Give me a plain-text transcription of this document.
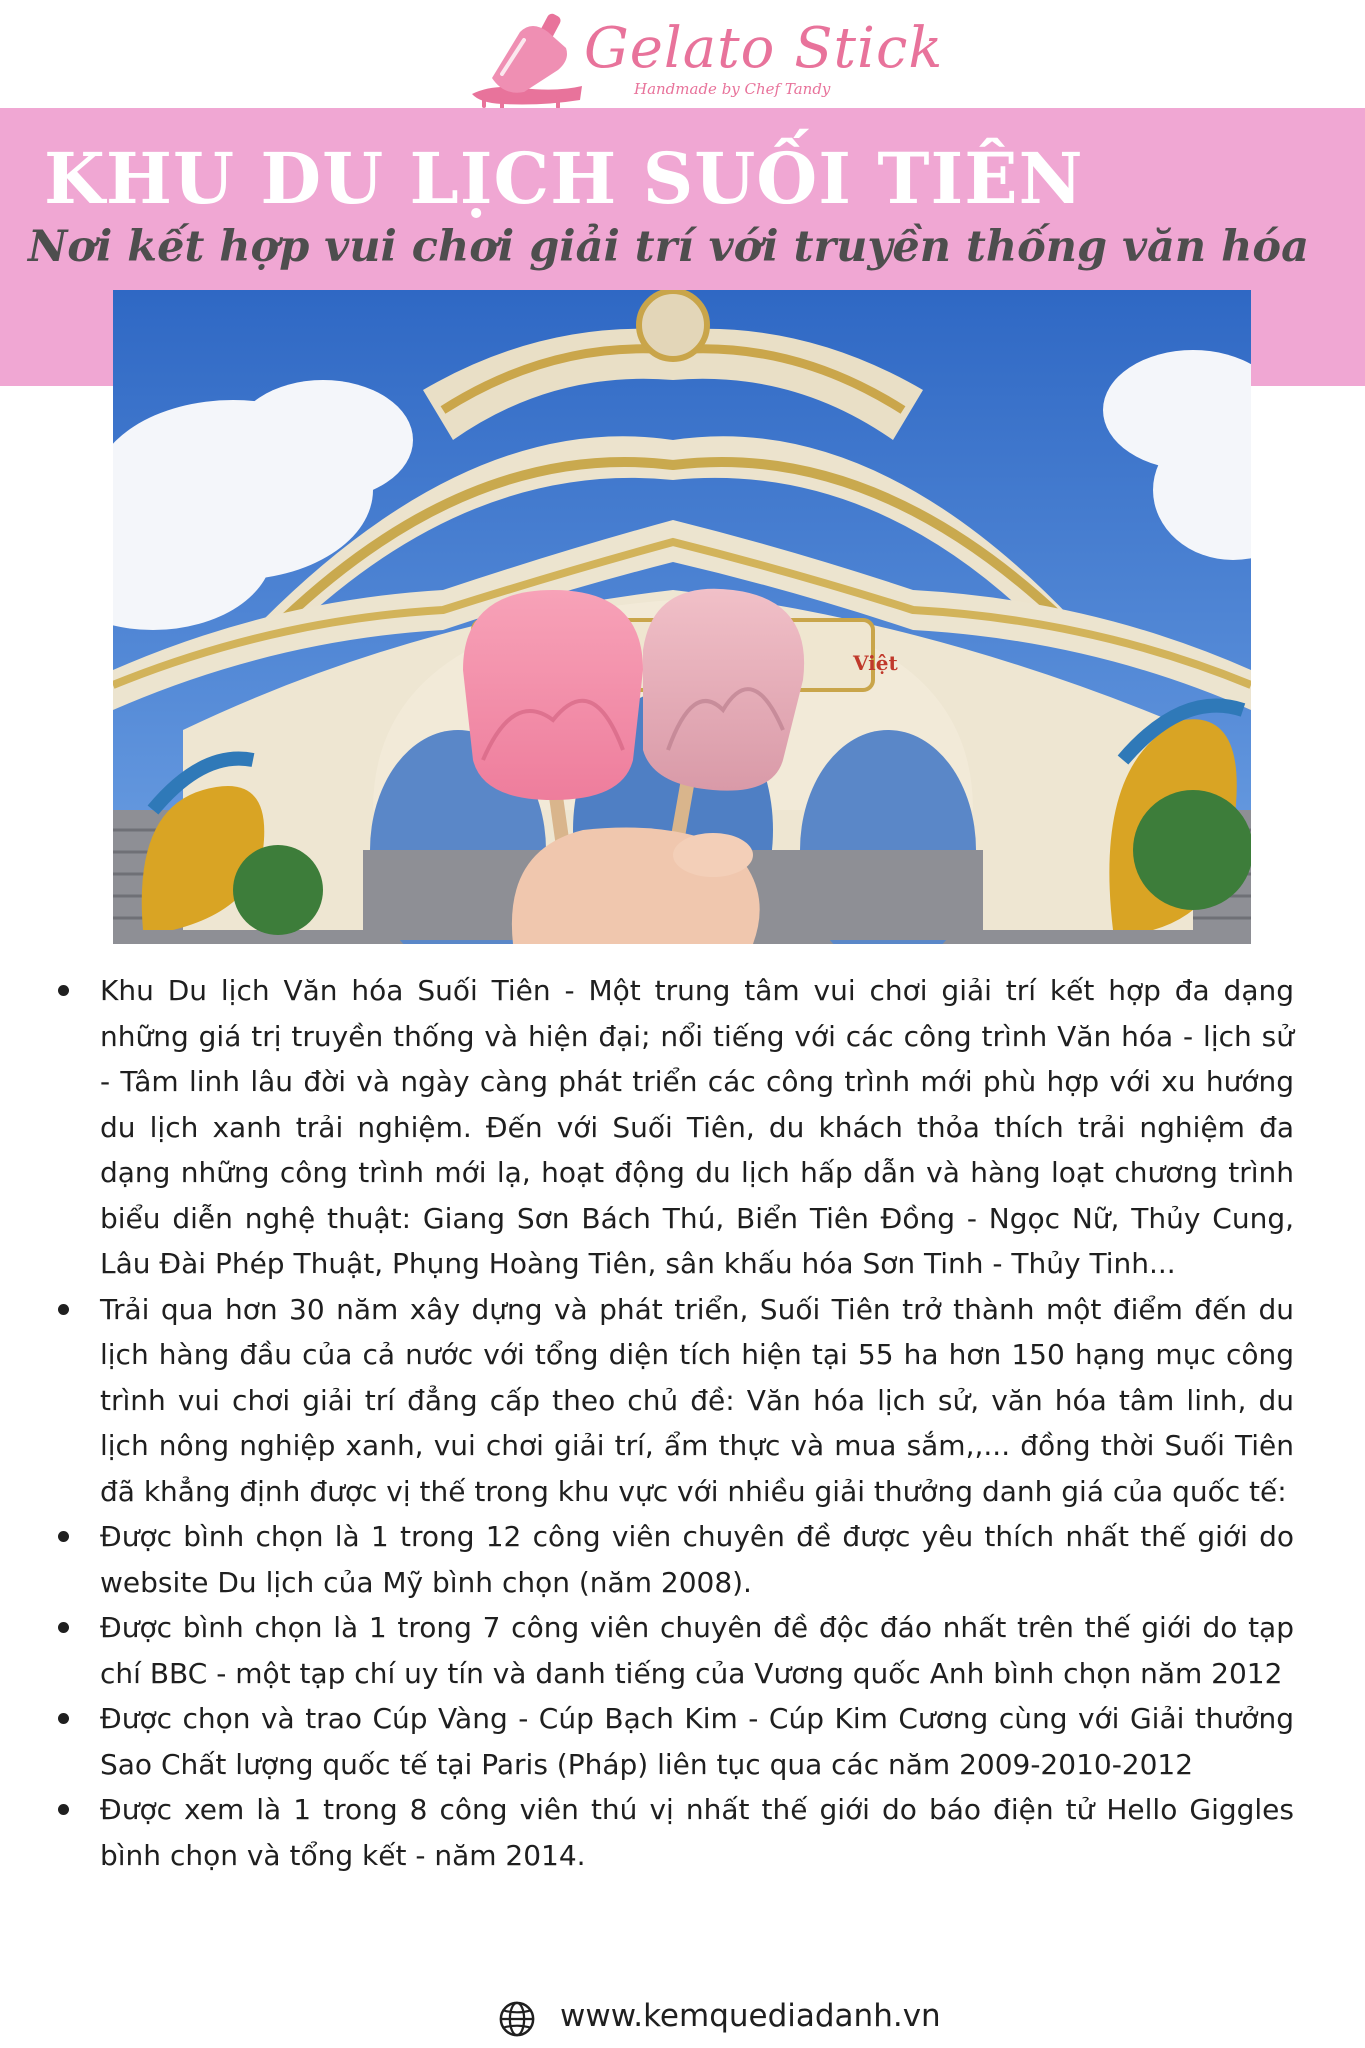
Gelato Stick
Handmade by Chef Tandy
KHU DU LỊCH SUỐI TIÊN
Nơi kết hợp vui chơi giải trí với truyền thống văn hóa
Việt
Khu Du lịch Văn hóa Suối Tiên - Một trung tâm vui chơi giải trí kết hợp đa dạng những giá trị truyền thống và hiện đại; nổi tiếng với các công trình Văn hóa - lịch sử - Tâm linh lâu đời và ngày càng phát triển các công trình mới phù hợp với xu hướng du lịch xanh trải nghiệm. Đến với Suối Tiên, du khách thỏa thích trải nghiệm đa dạng những công trình mới lạ, hoạt động du lịch hấp dẫn và hàng loạt chương trình biểu diễn nghệ thuật: Giang Sơn Bách Thú, Biển Tiên Đồng - Ngọc Nữ, Thủy Cung, Lâu Đài Phép Thuật, Phụng Hoàng Tiên, sân khấu hóa Sơn Tinh - Thủy Tinh...
Trải qua hơn 30 năm xây dựng và phát triển, Suối Tiên trở thành một điểm đến du lịch hàng đầu của cả nước với tổng diện tích hiện tại 55 ha hơn 150 hạng mục công trình vui chơi giải trí đẳng cấp theo chủ đề: Văn hóa lịch sử, văn hóa tâm linh, du lịch nông nghiệp xanh, vui chơi giải trí, ẩm thực và mua sắm,,... đồng thời Suối Tiên đã khẳng định được vị thế trong khu vực với nhiều giải thưởng danh giá của quốc tế:
Được bình chọn là 1 trong 12 công viên chuyên đề được yêu thích nhất thế giới do website Du lịch của Mỹ bình chọn (năm 2008).
Được bình chọn là 1 trong 7 công viên chuyên đề độc đáo nhất trên thế giới do tạp chí BBC - một tạp chí uy tín và danh tiếng của Vương quốc Anh bình chọn năm 2012
Được chọn và trao Cúp Vàng - Cúp Bạch Kim - Cúp Kim Cương cùng với Giải thưởng Sao Chất lượng quốc tế tại Paris (Pháp) liên tục qua các năm 2009-2010-2012
Được xem là 1 trong 8 công viên thú vị nhất thế giới do báo điện tử Hello Giggles bình chọn và tổng kết - năm 2014.
www.kemquediadanh.vn
